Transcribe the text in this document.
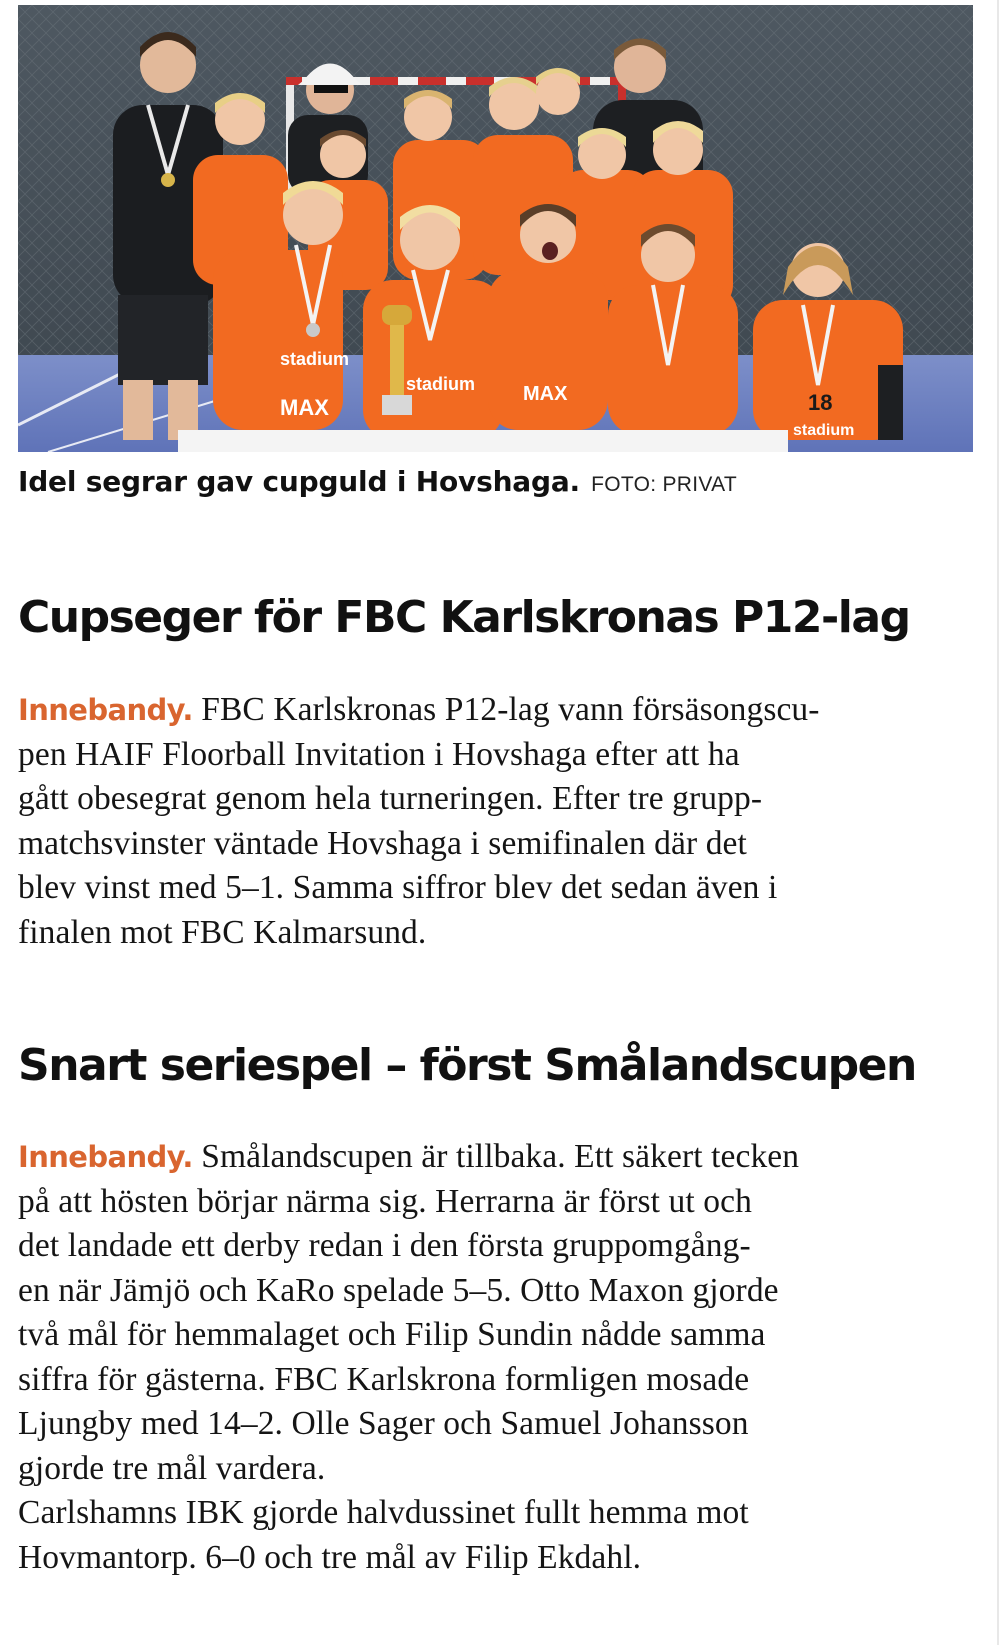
stadium
MAX
stadium MAX	18
stadium
Idel segrar gav cupguld i Hovshaga. FOTO: PRIVAT
Cupseger för FBC Karlskronas P12-lag
Innebandy. FBC Karlskronas P12-lag vann försäsongscu-
pen HAIF Floorball Invitation i Hovshaga efter att ha
gått obesegrat genom hela turneringen. Efter tre grupp-
matchsvinster väntade Hovshaga i semifinalen där det
blev vinst med 5–1. Samma siffror blev det sedan även i
finalen mot FBC Kalmarsund.
Snart seriespel – först Smålandscupen
Innebandy. Smålandscupen är tillbaka. Ett säkert tecken
på att hösten börjar närma sig. Herrarna är först ut och
det landade ett derby redan i den första gruppomgång-
en när Jämjö och KaRo spelade 5–5. Otto Maxon gjorde
två mål för hemmalaget och Filip Sundin nådde samma
siffra för gästerna. FBC Karlskrona formligen mosade
Ljungby med 14–2. Olle Sager och Samuel Johansson
gjorde tre mål vardera.
Carlshamns IBK gjorde halvdussinet fullt hemma mot
Hovmantorp. 6–0 och tre mål av Filip Ekdahl.
